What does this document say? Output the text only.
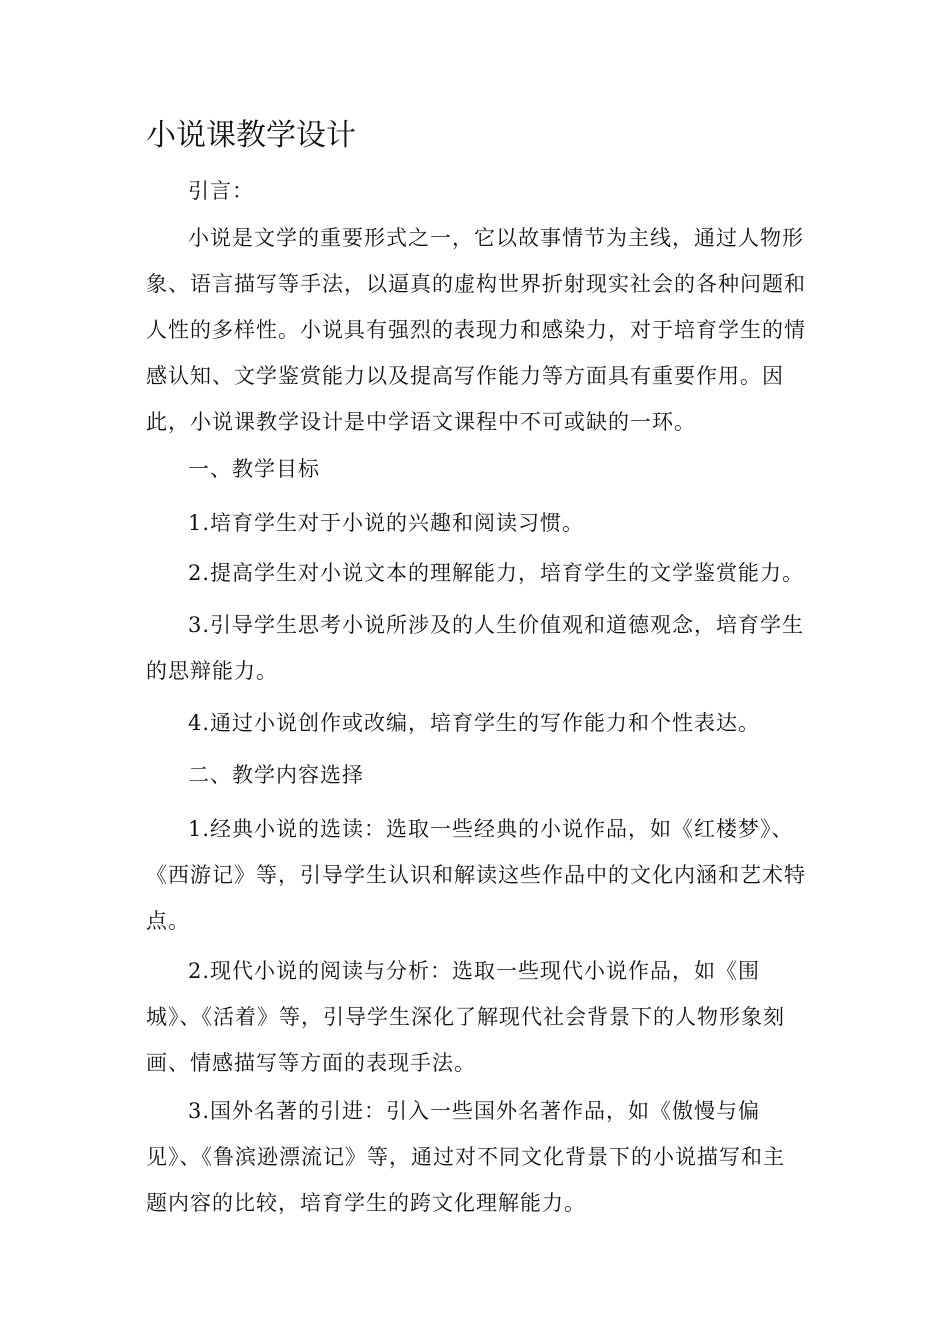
小说课教学设计

引言：

小说是文学的重要形式之一，它以故事情节为主线，通过人物形象、语言描写等手法，以逼真的虚构世界折射现实社会的各种问题和人性的多样性。小说具有强烈的表现力和感染力，对于培育学生的情感认知、文学鉴赏能力以及提高写作能力等方面具有重要作用。因此，小说课教学设计是中学语文课程中不可或缺的一环。

一、教学目标

1.培育学生对于小说的兴趣和阅读习惯。

2.提高学生对小说文本的理解能力，培育学生的文学鉴赏能力。

3.引导学生思考小说所涉及的人生价值观和道德观念，培育学生的思辩能力。

4.通过小说创作或改编，培育学生的写作能力和个性表达。

二、教学内容选择

1.经典小说的选读：选取一些经典的小说作品，如《红楼梦》、《西游记》等，引导学生认识和解读这些作品中的文化内涵和艺术特点。

2.现代小说的阅读与分析：选取一些现代小说作品，如《围城》、《活着》等，引导学生深化了解现代社会背景下的人物形象刻画、情感描写等方面的表现手法。

3.国外名著的引进：引入一些国外名著作品，如《傲慢与偏见》、《鲁滨逊漂流记》等，通过对不同文化背景下的小说描写和主题内容的比较，培育学生的跨文化理解能力。
